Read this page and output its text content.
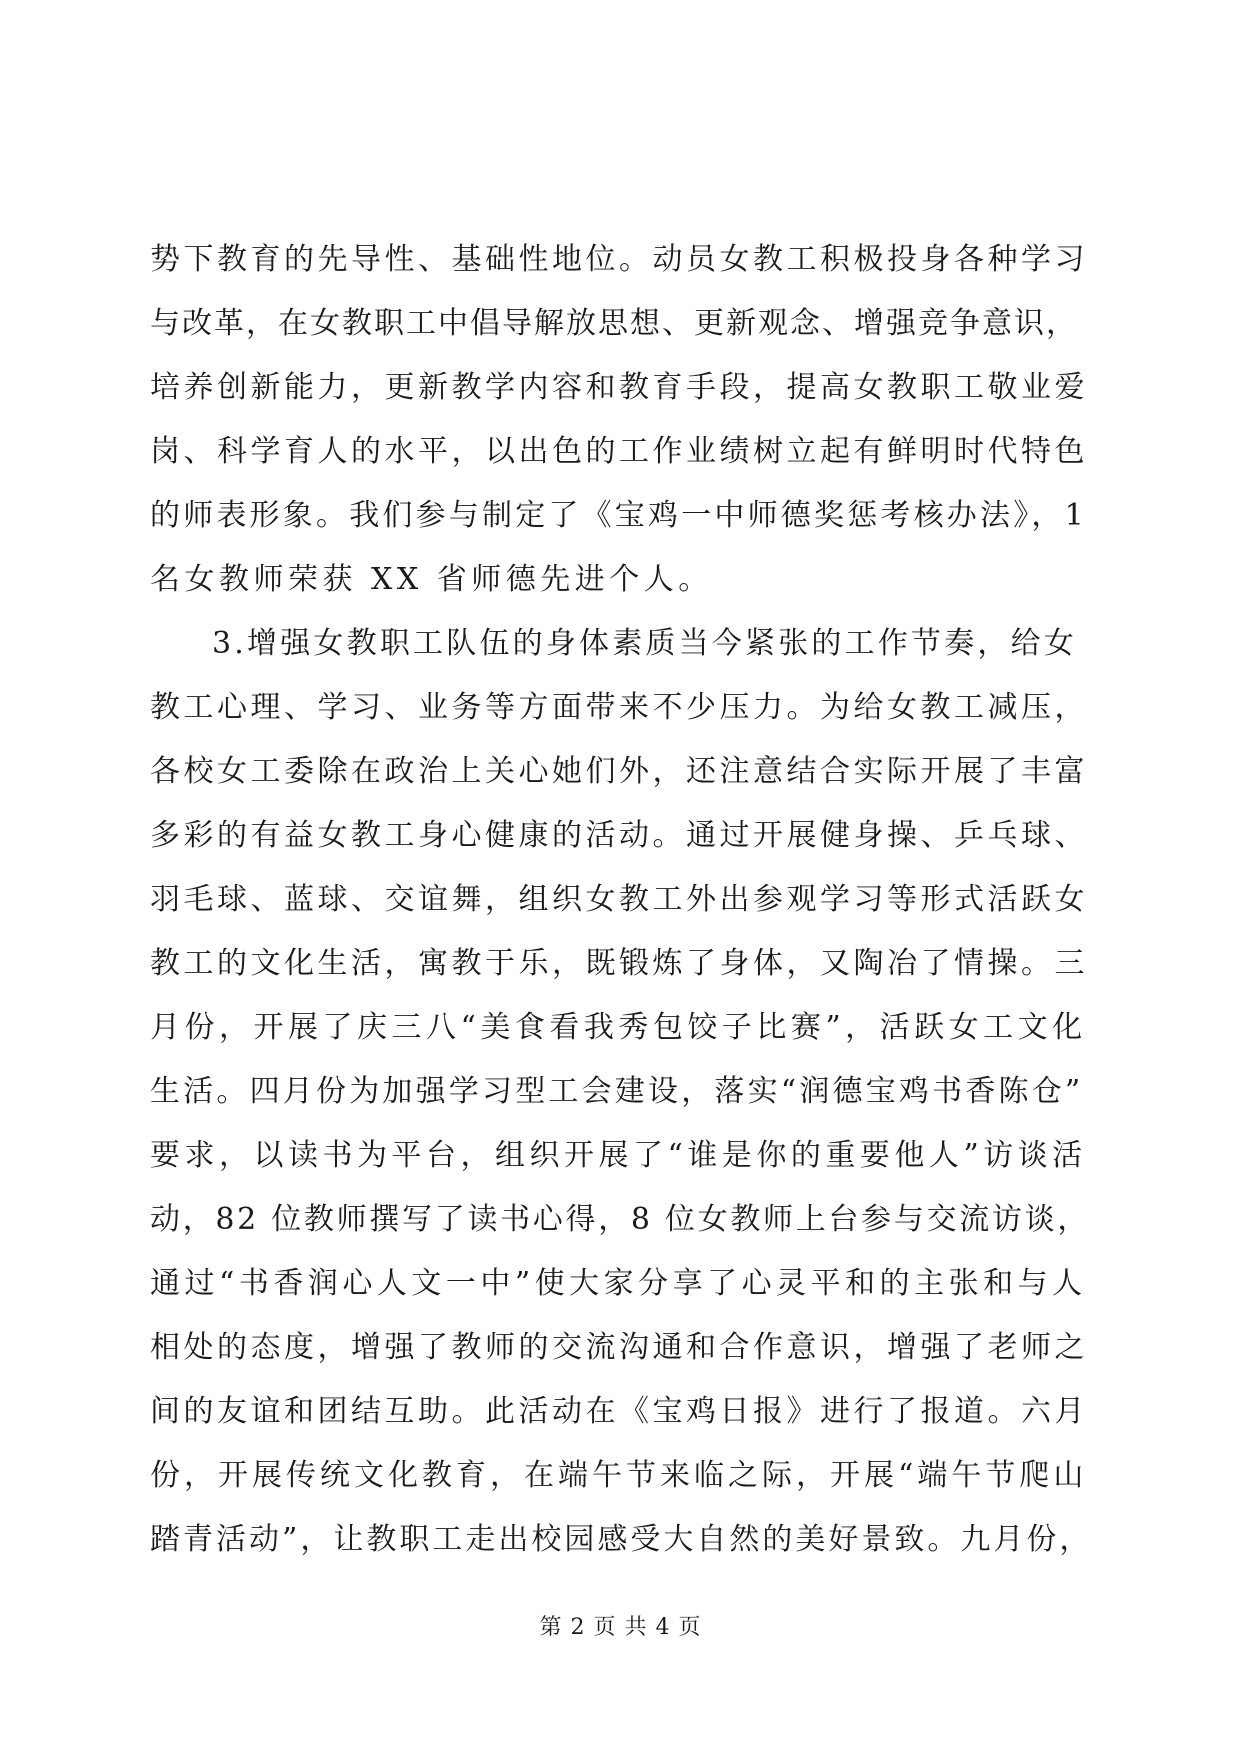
势下教育的先导性、基础性地位。动员女教工积极投身各种学习
与改革，在女教职工中倡导解放思想、更新观念、增强竞争意识，
培养创新能力，更新教学内容和教育手段，提高女教职工敬业爱
岗、科学育人的水平，以出色的工作业绩树立起有鲜明时代特色
的师表形象。我们参与制定了《宝鸡一中师德奖惩考核办法》，1
名女教师荣获 XX 省师德先进个人。
3.增强女教职工队伍的身体素质当今紧张的工作节奏，给女
教工心理、学习、业务等方面带来不少压力。为给女教工减压，
各校女工委除在政治上关心她们外，还注意结合实际开展了丰富
多彩的有益女教工身心健康的活动。通过开展健身操、乒乓球、
羽毛球、蓝球、交谊舞，组织女教工外出参观学习等形式活跃女
教工的文化生活，寓教于乐，既锻炼了身体，又陶冶了情操。三
月份，开展了庆三八“美食看我秀包饺子比赛”，活跃女工文化
生活。四月份为加强学习型工会建设，落实“润德宝鸡书香陈仓”
要求，以读书为平台，组织开展了“谁是你的重要他人”访谈活
动，82 位教师撰写了读书心得，8 位女教师上台参与交流访谈，
通过“书香润心人文一中”使大家分享了心灵平和的主张和与人
相处的态度，增强了教师的交流沟通和合作意识，增强了老师之
间的友谊和团结互助。此活动在《宝鸡日报》进行了报道。六月
份，开展传统文化教育，在端午节来临之际，开展“端午节爬山
踏青活动”，让教职工走出校园感受大自然的美好景致。九月份，
第 2 页 共 4 页
